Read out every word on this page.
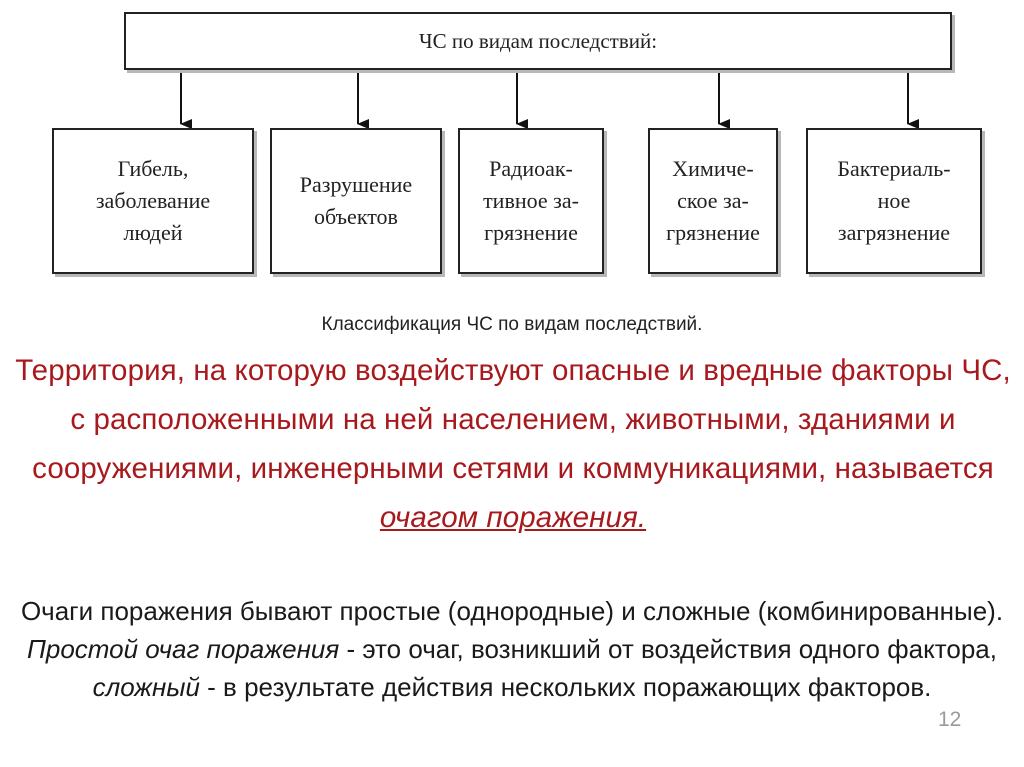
ЧС по видам последствий:
Гибель,
заболевание
людей
Разрушение
объектов
Радиоак-
тивное за-
грязнение
Химиче-
ское за-
грязнение
Бактериаль-
ное
загрязнение
Классификация ЧС по видам последствий.
Территория, на которую воздействуют опасные и вредные факторы ЧС, с расположенными на ней населением, животными, зданиями и сооружениями, инженерными сетями и коммуникациями, называется очагом поражения.
Очаги поражения бывают простые (однородные) и сложные (комбинированные). Простой очаг поражения - это очаг, возникший от воздействия одного фактора, сложный - в результате действия нескольких поражающих факторов.
12
